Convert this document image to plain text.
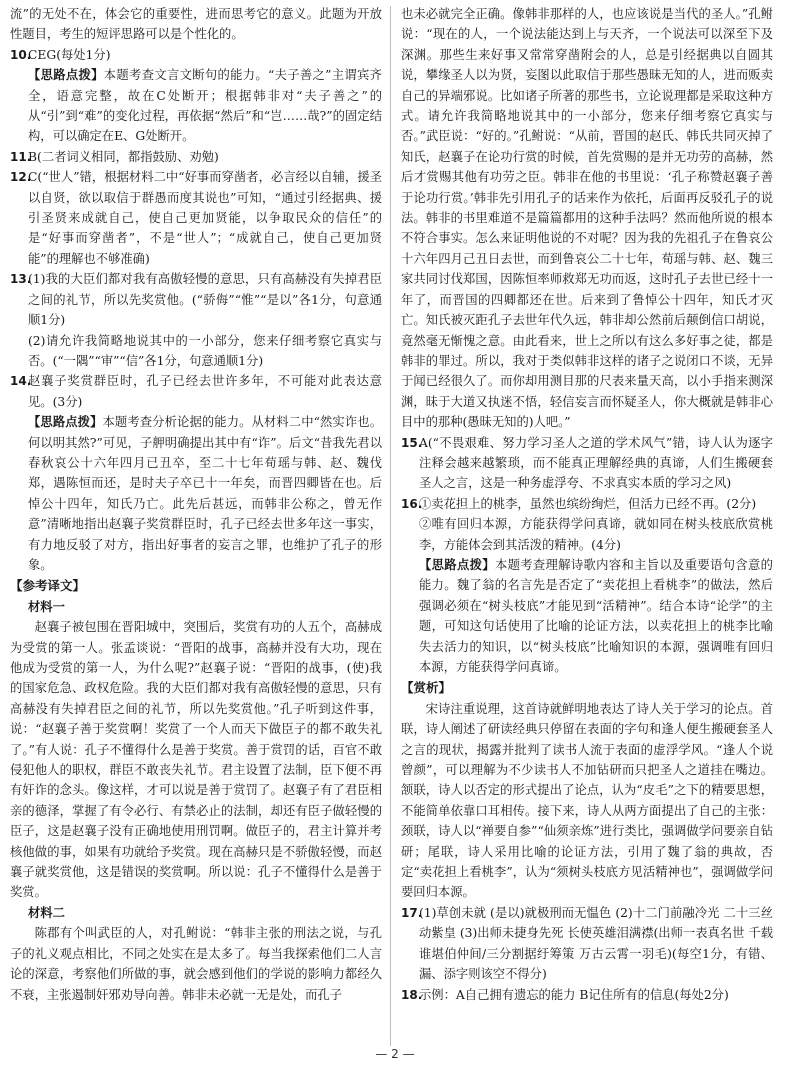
流”的无处不在，体会它的重要性，进而思考它的意义。此题为开放性题目，考生的短评思路可以是个性化的。

10.

CEG(每处1分)

【思路点拨】本题考查文言文断句的能力。“夫子善之”主谓宾齐全，语意完整，故在C处断开；根据韩非对“夫子善之”的从“引”到“难”的变化过程，再依据“然后”和“岂……哉?”的固定结构，可以确定在E、G处断开。

11.

B(二者词义相同，都指鼓励、劝勉)

12.

C(“世人”错，根据材料二中“好事而穿凿者，必言经以自辅，援圣以自贤，欲以取信于群愚而度其说也”可知，“通过引经据典、援引圣贤来成就自己，使自己更加贤能，以争取民众的信任”的是“好事而穿凿者”，不是“世人”；“成就自己，使自己更加贤能”的理解也不够准确)

13.

(1)我的大臣们都对我有高傲轻慢的意思，只有高赫没有失掉君臣之间的礼节，所以先奖赏他。(“骄侮”“惟”“是以”各1分，句意通顺1分)

(2)请允许我简略地说其中的一小部分，您来仔细考察它真实与否。(“一隅”“审”“信”各1分，句意通顺1分)

14.

赵襄子奖赏群臣时，孔子已经去世许多年，不可能对此表达意见。(3分)

【思路点拨】本题考查分析论据的能力。从材料二中“然实诈也。何以明其然?”可见，子舺明确提出其中有“诈”。后文“昔我先君以春秋哀公十六年四月已丑卒，至二十七年荀瑶与韩、赵、魏伐郑，遇陈恒而还，是时夫子卒已十一年矣，而晋四卿皆在也。后悼公十四年，知氏乃亡。此先后甚远，而韩非公称之，曾无作意”清晰地指出赵襄子奖赏群臣时，孔子已经去世多年这一事实，有力地反驳了对方，指出好事者的妄言之罪，也维护了孔子的形象。

【参考译文】

材料一

赵襄子被包围在晋阳城中，突围后，奖赏有功的人五个，高赫成为受赏的第一人。张孟谈说：“晋阳的战事，高赫并没有大功，现在他成为受赏的第一人，为什么呢?”赵襄子说：“晋阳的战事，(使)我的国家危急、政权危险。我的大臣们都对我有高傲轻慢的意思，只有高赫没有失掉君臣之间的礼节，所以先奖赏他。”孔子听到这件事，说：“赵襄子善于奖赏啊！奖赏了一个人而天下做臣子的都不敢失礼了。”有人说：孔子不懂得什么是善于奖赏。善于赏罚的话，百官不敢侵犯他人的职权，群臣不敢丧失礼节。君主设置了法制，臣下便不再有奸诈的念头。像这样，才可以说是善于赏罚了。赵襄子有了君臣相亲的德泽，掌握了有令必行、有禁必止的法制，却还有臣子做轻慢的臣子，这是赵襄子没有正确地使用刑罚啊。做臣子的，君主计算并考核他做的事，如果有功就给予奖赏。现在高赫只是不骄傲轻慢，而赵襄子就奖赏他，这是错误的奖赏啊。所以说：孔子不懂得什么是善于奖赏。

材料二

陈郡有个叫武臣的人，对孔鲋说：“韩非主张的刑法之说，与孔子的礼义观点相比，不同之处实在是太多了。每当我探索他们二人言论的深意，考察他们所做的事，就会感到他们的学说的影响力都经久不衰，主张遏制奸邪劝导向善。韩非未必就一无是处，而孔子

也未必就完全正确。像韩非那样的人，也应该说是当代的圣人。”孔鲋说：“现在的人，一个说法能达到上与天齐，一个说法可以深至下及深渊。那些生来好事又常常穿凿附会的人，总是引经据典以自圆其说，攀缘圣人以为贤，妄图以此取信于那些愚昧无知的人，进而贩卖自己的异端邪说。比如诸子所著的那些书，立论说理都是采取这种方式。请允许我简略地说其中的一小部分，您来仔细考察它真实与否。”武臣说：“好的。”孔鲋说：“从前，晋国的赵氏、韩氏共同灭掉了知氏，赵襄子在论功行赏的时候，首先赏赐的是并无功劳的高赫，然后才赏赐其他有功劳之臣。韩非在他的书里说：‘孔子称赞赵襄子善于论功行赏。’韩非先引用孔子的话来作为依托，后面再反驳孔子的说法。韩非的书里难道不是篇篇都用的这种手法吗？然而他所说的根本不符合事实。怎么来证明他说的不对呢？因为我的先祖孔子在鲁哀公十六年四月己丑日去世，而到鲁哀公二十七年，荀瑶与韩、赵、魏三家共同讨伐郑国，因陈恒率师救郑无功而返，这时孔子去世已经十一年了，而晋国的四卿都还在世。后来到了鲁悼公十四年，知氏才灭亡。知氏被灭距孔子去世年代久远，韩非却公然前后颠倒信口胡说，竟然毫无惭愧之意。由此看来，世上之所以有这么多好事之徒，都是韩非的罪过。所以，我对于类似韩非这样的诸子之说闭口不谈，无异于闻已经很久了。而你却用测目那的尺表来量天高，以小手指来测深渊，昧于大道又执迷不悟，轻信妄言而怀疑圣人，你大概就是韩非心目中的那种(愚昧无知的)人吧。”

15.

A(“不畏艰难、努力学习圣人之道的学术风气”错，诗人认为逐字注释会越来越繁琐，而不能真正理解经典的真谛，人们生搬硬套圣人之言，这是一种务虚浮夸、不求真实本质的学习之风)

16.

①卖花担上的桃李，虽然也缤纷绚烂，但活力已经不再。(2分)

②唯有回归本源，方能获得学问真谛，就如同在树头枝底欣赏桃李，方能体会到其活泼的精神。(4分)

【思路点拨】本题考查理解诗歌内容和主旨以及重要语句含意的能力。魏了翁的名言先是否定了“卖花担上看桃李”的做法，然后强调必须在“树头枝底”才能见到“活精神”。结合本诗“论学”的主题，可知这句话使用了比喻的论证方法，以卖花担上的桃李比喻失去活力的知识，以“树头枝底”比喻知识的本源，强调唯有回归本源，方能获得学问真谛。

【赏析】

宋诗注重说理，这首诗就鲜明地表达了诗人关于学习的论点。首联，诗人阐述了研读经典只停留在表面的字句和逢人便生搬硬套圣人之言的现状，揭露并批判了读书人流于表面的虚浮学风。“逢人个说曾颜”，可以理解为不少读书人不加钻研而只把圣人之道挂在嘴边。颔联，诗人以否定的形式提出了论点，认为“皮毛”之下的精要思想，不能简单依靠口耳相传。接下来，诗人从两方面提出了自己的主张：颈联，诗人以“禅要自参”“仙须亲炼”进行类比，强调做学问要亲自钻研；尾联，诗人采用比喻的论证方法，引用了魏了翁的典故，否定“卖花担上看桃李”，认为“须树头枝底方见活精神也”，强调做学问要回归本源。

17.

(1)草创未就 (是以)就极刑而无愠色 (2)十二门前融冷光 二十三丝动紫皇 (3)出师未捷身先死 长使英雄泪满襟(出师一表真名世 千载谁堪伯仲间/三分割据纡筹策 万古云霄一羽毛)(每空1分，有错、漏、添字则该空不得分)

18.

示例：A自己拥有遗忘的能力 B记住所有的信息(每处2分)

— 2 —
